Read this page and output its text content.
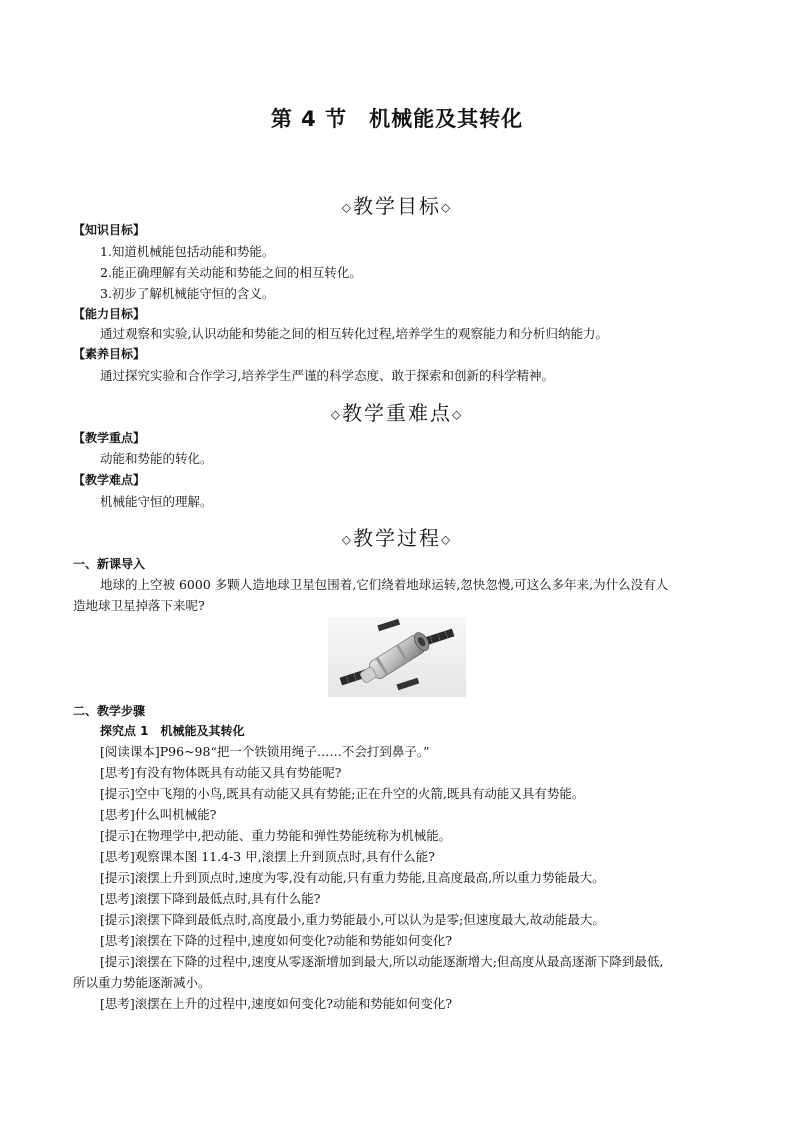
第 4 节　机械能及其转化
◇教学目标◇
【知识目标】
1.知道机械能包括动能和势能。
2.能正确理解有关动能和势能之间的相互转化。
3.初步了解机械能守恒的含义。
【能力目标】
通过观察和实验,认识动能和势能之间的相互转化过程,培养学生的观察能力和分析归纳能力。
【素养目标】
通过探究实验和合作学习,培养学生严谨的科学态度、敢于探索和创新的科学精神。
◇教学重难点◇
【教学重点】
动能和势能的转化。
【教学难点】
机械能守恒的理解。
◇教学过程◇
一、新课导入
地球的上空被 6000 多颗人造地球卫星包围着,它们绕着地球运转,忽快忽慢,可这么多年来,为什么没有人
造地球卫星掉落下来呢?
二、教学步骤
探究点 1　机械能及其转化
[阅读课本]P96~98“把一个铁锁用绳子……不会打到鼻子。”
[思考]有没有物体既具有动能又具有势能呢?
[提示]空中飞翔的小鸟,既具有动能又具有势能;正在升空的火箭,既具有动能又具有势能。
[思考]什么叫机械能?
[提示]在物理学中,把动能、重力势能和弹性势能统称为机械能。
[思考]观察课本图 11.4-3 甲,滚摆上升到顶点时,具有什么能?
[提示]滚摆上升到顶点时,速度为零,没有动能,只有重力势能,且高度最高,所以重力势能最大。
[思考]滚摆下降到最低点时,具有什么能?
[提示]滚摆下降到最低点时,高度最小,重力势能最小,可以认为是零;但速度最大,故动能最大。
[思考]滚摆在下降的过程中,速度如何变化?动能和势能如何变化?
[提示]滚摆在下降的过程中,速度从零逐渐增加到最大,所以动能逐渐增大;但高度从最高逐渐下降到最低,
所以重力势能逐渐减小。
[思考]滚摆在上升的过程中,速度如何变化?动能和势能如何变化?
